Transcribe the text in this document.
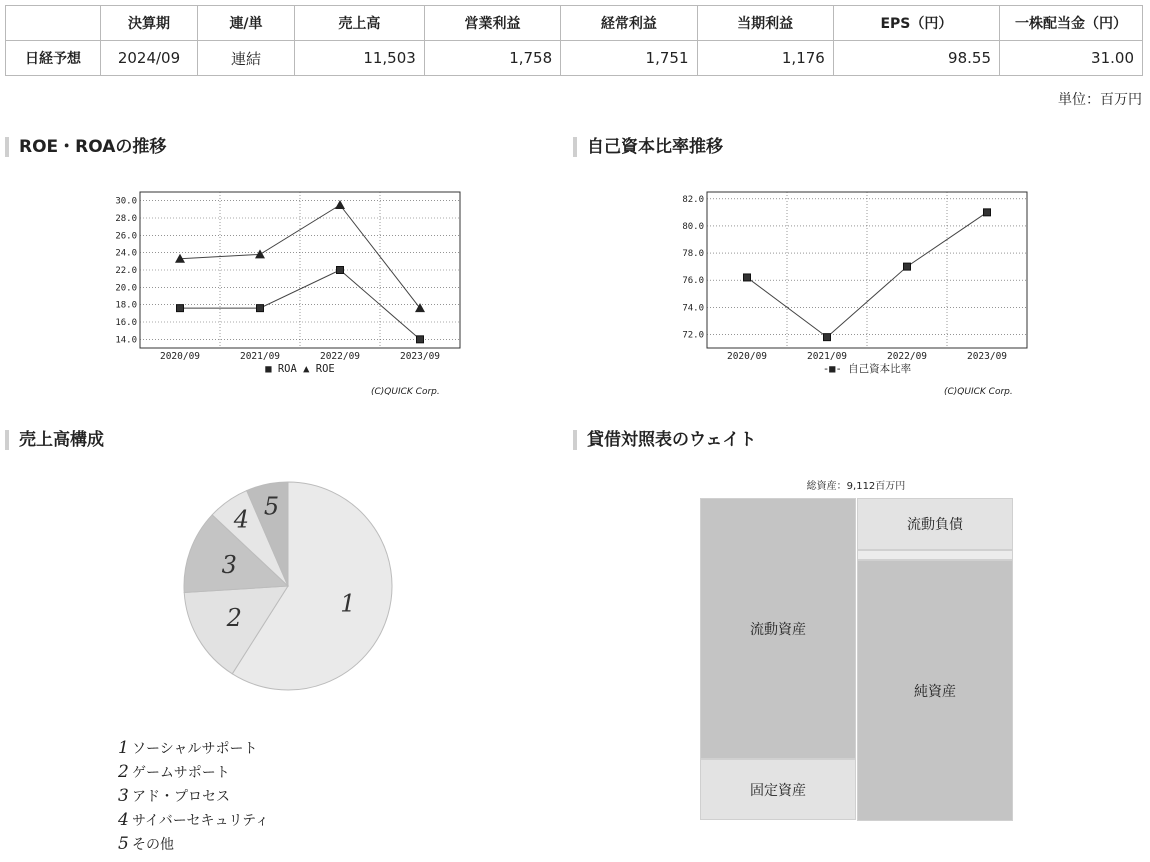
	決算期	連/単	売上高	営業利益	経常利益	当期利益	EPS（円）	一株配当金（円）
日経予想	2024/09	連結	11,503	1,758	1,751	1,176	98.55	31.00
単位：百万円
ROE・ROAの推移	自己資本比率推移
売上高構成	貸借対照表のウェイト
14.0
16.0
18.0
20.0
22.0
24.0
26.0
28.0
30.0
2020/09	2021/09	2022/09	2023/09
■ ROA ▲ ROE
(C)QUICK Corp.
72.0
74.0
76.0
78.0
80.0
82.0
2020/09	2021/09	2022/09	2023/09
-■- 自己資本比率
(C)QUICK Corp.
1
2
3
4 5
1 ソーシャルサポート
2 ゲームサポート
3 アド・プロセス
4 サイバーセキュリティ
5 その他
総資産：9,112百万円
流動資産
固定資産
流動負債
純資産
